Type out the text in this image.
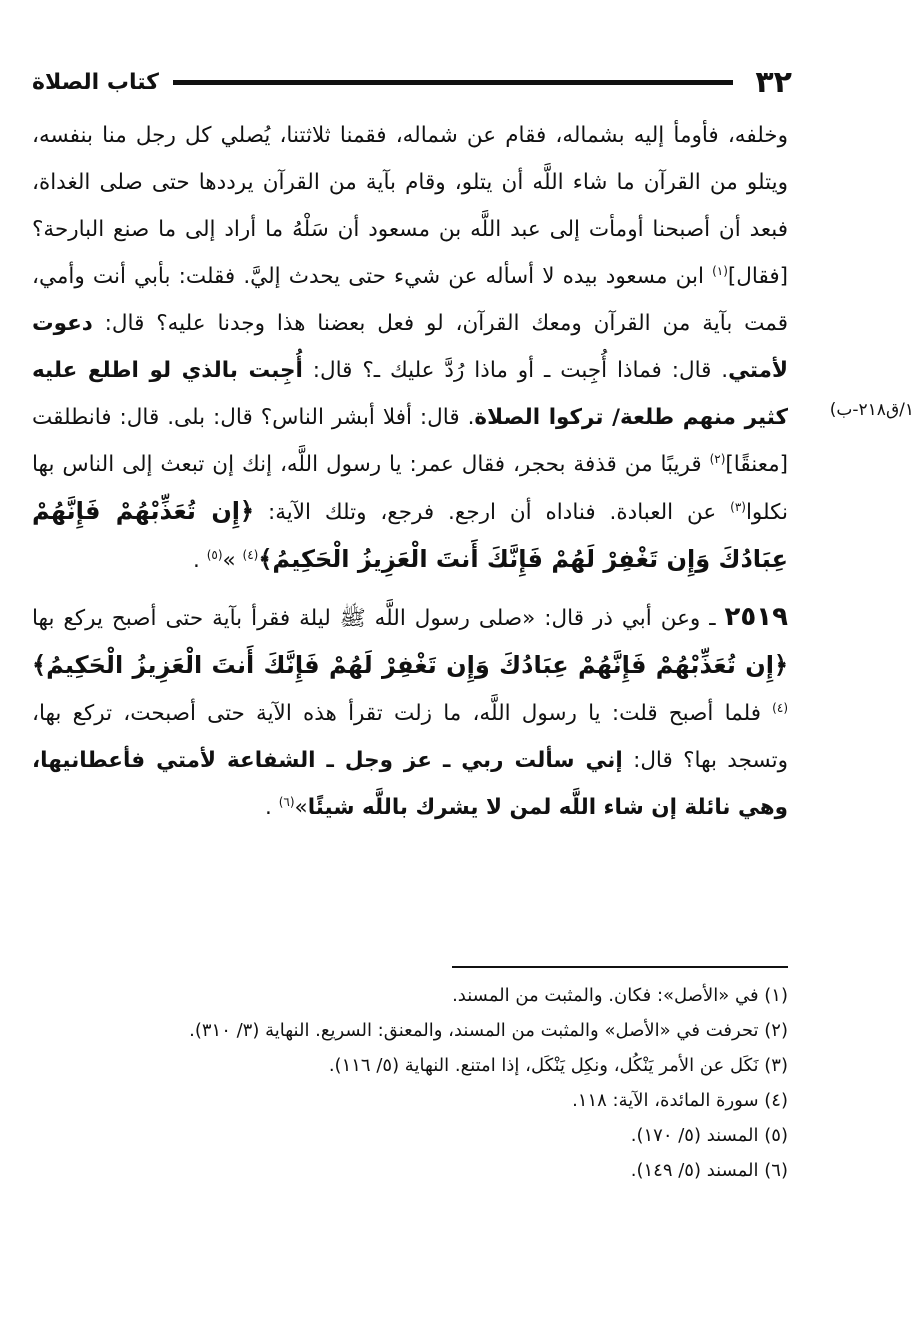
٣٢
كتاب الصلاة
١/ق٢١٨-ب)

وخلفه، فأومأ إليه بشماله، فقام عن شماله، فقمنا ثلاثتنا، يُصلي كل رجل منا بنفسه، ويتلو من القرآن ما شاء اللَّه أن يتلو، وقام بآية من القرآن يرددها حتى صلى الغداة، فبعد أن أصبحنا أومأت إلى عبد اللَّه بن مسعود أن سَلْهُ ما أراد إلى ما صنع البارحة؟ [فقال]$^{(١)}$ ابن مسعود بيده لا أسأله عن شيء حتى يحدث إليَّ. فقلت: بأبي أنت وأمي، قمت بآية من القرآن ومعك القرآن، لو فعل بعضنا هذا وجدنا عليه؟ قال: دعوت لأمتي. قال: فماذا أُجِبت ـ أو ماذا رُدَّ عليك ـ؟ قال: أُجِبت بالذي لو اطلع عليه كثير منهم طلعة/ تركوا الصلاة. قال: أفلا أبشر الناس؟ قال: بلى. قال: فانطلقت [معنقًا]$^{(٢)}$ قريبًا من قذفة بحجر، فقال عمر: يا رسول اللَّه، إنك إن تبعث إلى الناس بها نكلوا$^{(٣)}$ عن العبادة. فناداه أن ارجع. فرجع، وتلك الآية: ﴿إِن تُعَذِّبْهُمْ فَإِنَّهُمْ عِبَادُكَ وَإِن تَغْفِرْ لَهُمْ فَإِنَّكَ أَنتَ الْعَزِيزُ الْحَكِيمُ﴾$^{(٤)}$ »$^{(٥)}$ .

٢٥١٩ ـ وعن أبي ذر قال: «صلى رسول اللَّه ﷺ ليلة فقرأ بآية حتى أصبح يركع بها ﴿إِن تُعَذِّبْهُمْ فَإِنَّهُمْ عِبَادُكَ وَإِن تَغْفِرْ لَهُمْ فَإِنَّكَ أَنتَ الْعَزِيزُ الْحَكِيمُ﴾$^{(٤)}$ فلما أصبح قلت: يا رسول اللَّه، ما زلت تقرأ هذه الآية حتى أصبحت، تركع بها، وتسجد بها؟ قال: إني سألت ربي ـ عز وجل ـ الشفاعة لأمتي فأعطانيها، وهي نائلة إن شاء اللَّه لمن لا يشرك باللَّه شيئًا»$^{(٦)}$ .

(١) في «الأصل»: فكان. والمثبت من المسند.
(٢) تحرفت في «الأصل» والمثبت من المسند، والمعنق: السريع. النهاية (٣/ ٣١٠).
(٣) نَكَل عن الأمر يَنْكُل، ونكِل يَنْكَل، إذا امتنع. النهاية (٥/ ١١٦).
(٤) سورة المائدة، الآية: ١١٨.
(٥) المسند (٥/ ١٧٠).
(٦) المسند (٥/ ١٤٩).
